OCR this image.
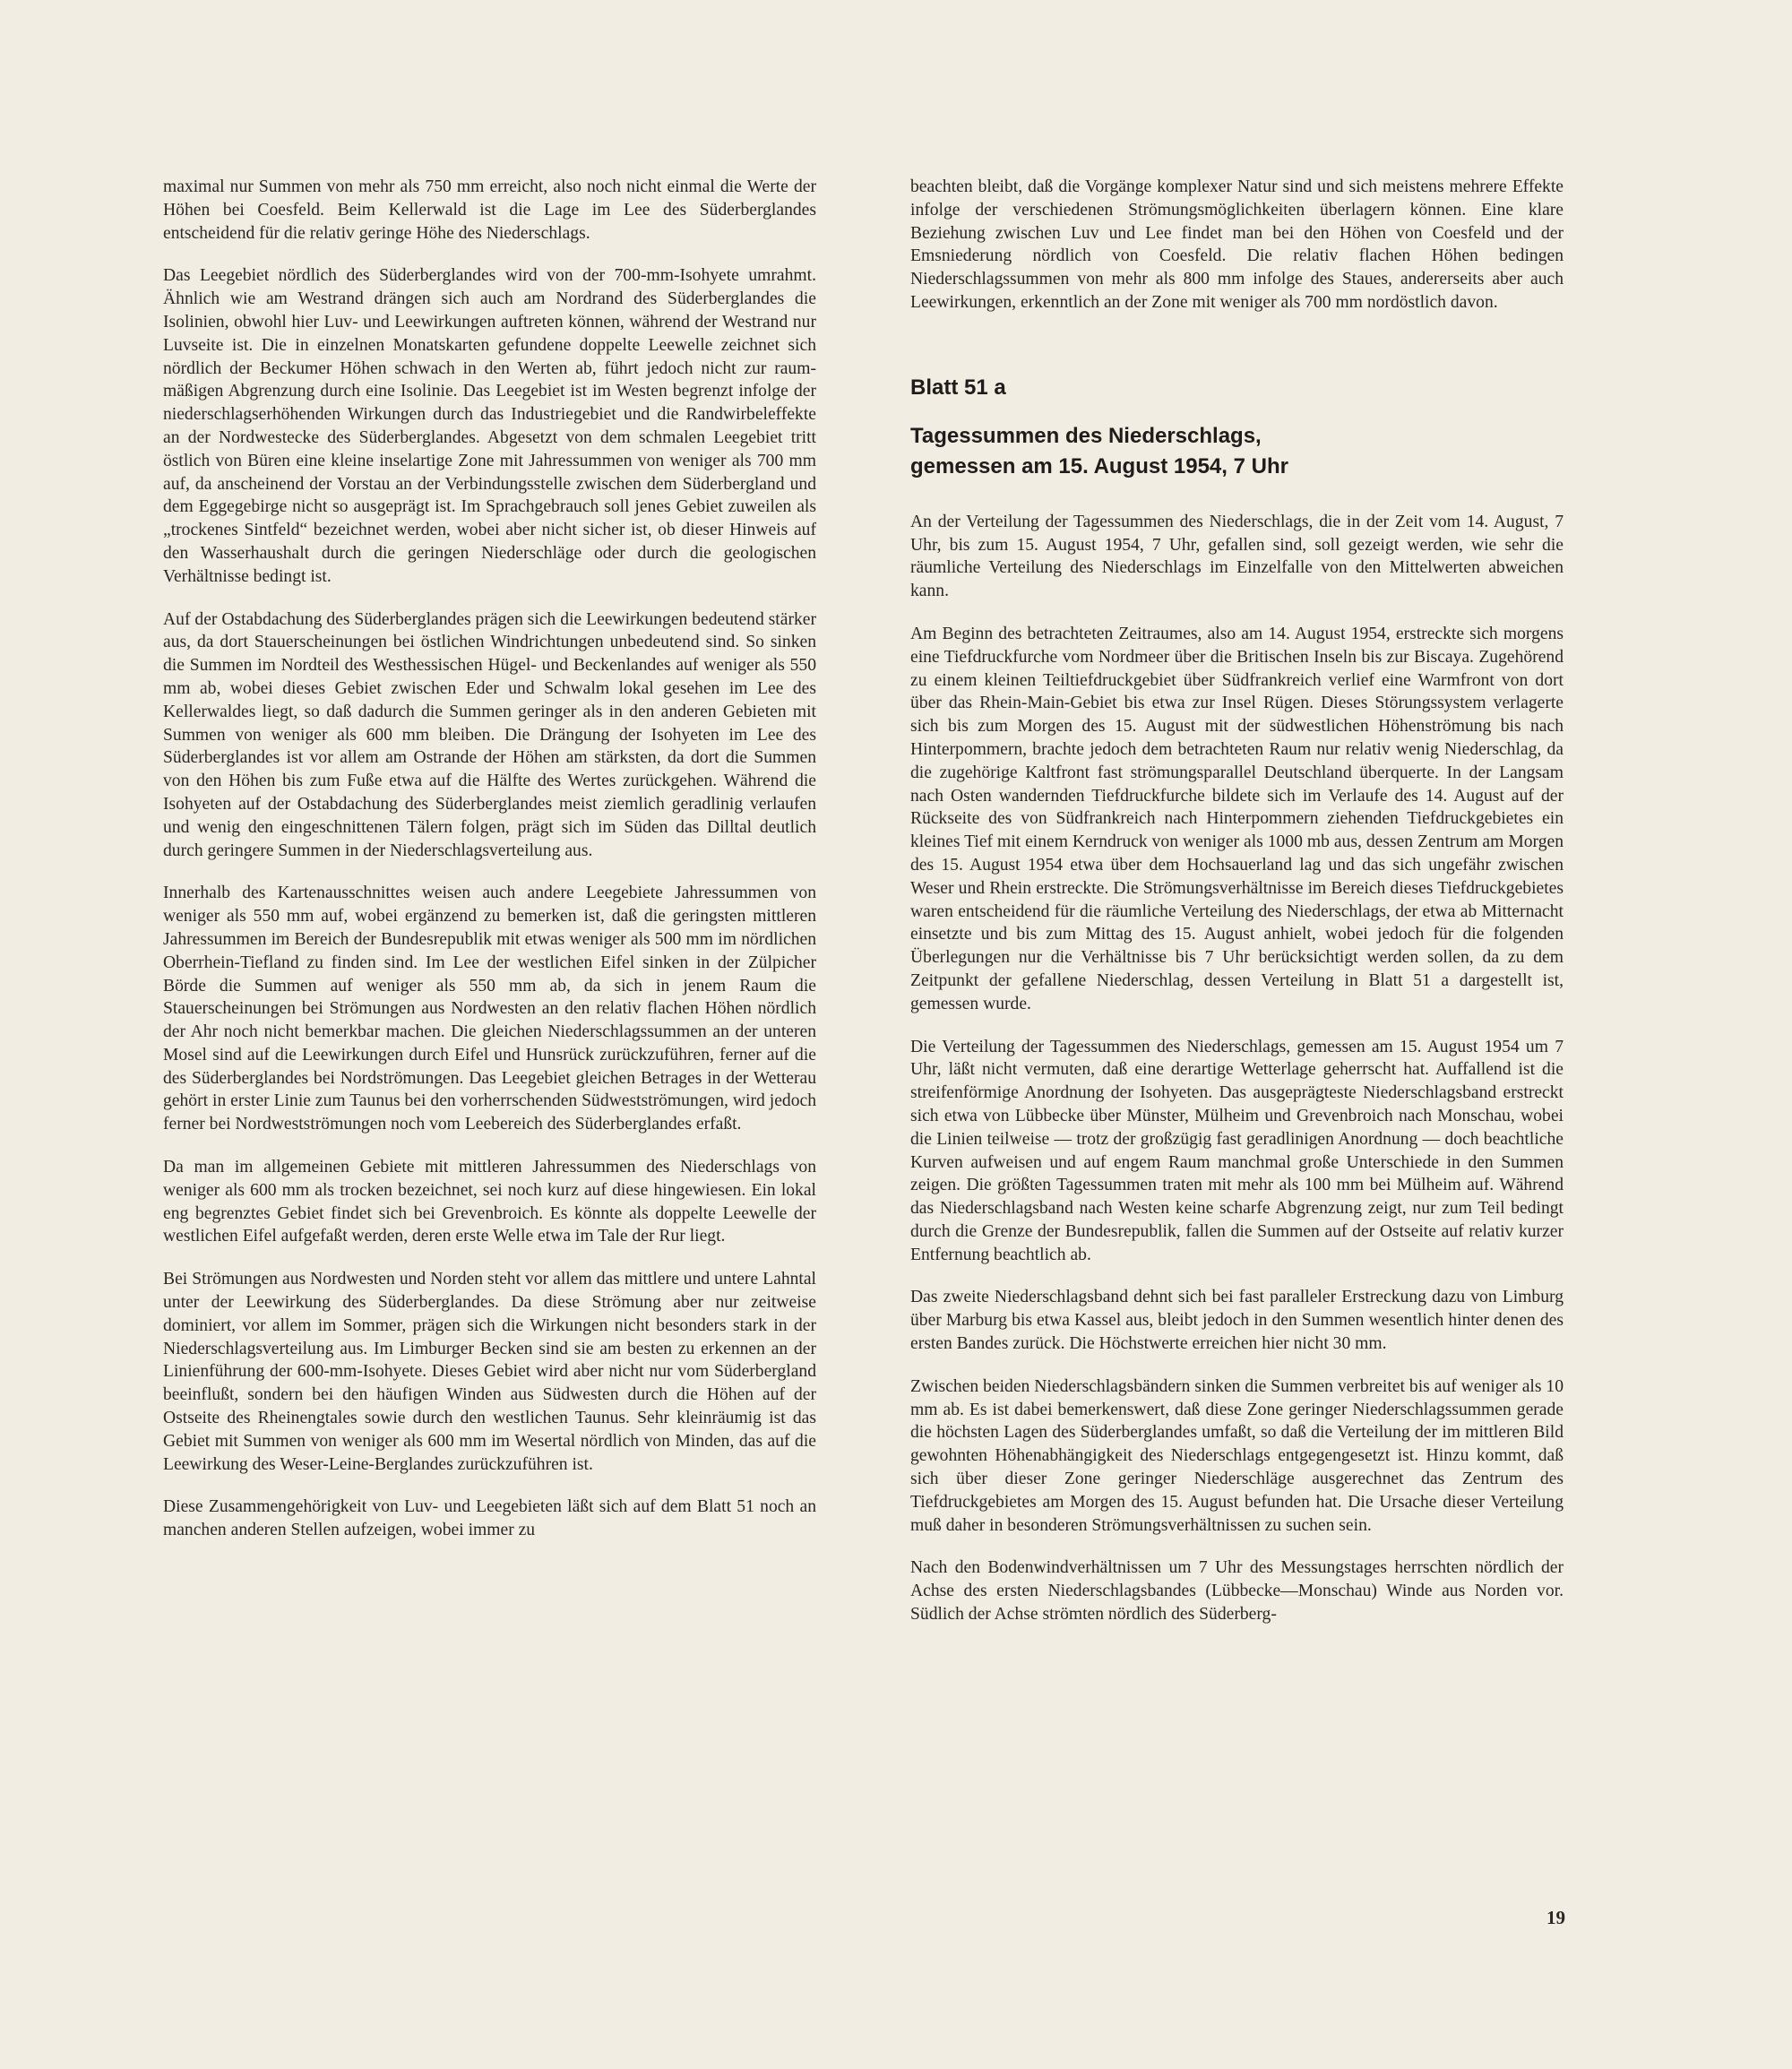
maximal nur Summen von mehr als 750 mm erreicht, also noch nicht einmal die Werte der Höhen bei Coesfeld. Beim Kellerwald ist die Lage im Lee des Süderberglandes entscheidend für die relativ geringe Höhe des Niederschlags.

Das Leegebiet nördlich des Süderberglandes wird von der 700-mm-Isohyete umrahmt. Ähnlich wie am Westrand drängen sich auch am Nordrand des Süderberglandes die Isolinien, obwohl hier Luv- und Leewirkungen auftreten können, während der Westrand nur Luvseite ist. Die in einzelnen Monatskarten gefundene doppelte Leewelle zeichnet sich nördlich der Beckumer Höhen schwach in den Werten ab, führt jedoch nicht zur raummäßigen Abgrenzung durch eine Isolinie. Das Leegebiet ist im Westen begrenzt infolge der niederschlagserhöhenden Wirkungen durch das Industriegebiet und die Randwirbeleffekte an der Nordwestecke des Süderberglandes. Abgesetzt von dem schmalen Leegebiet tritt östlich von Büren eine kleine inselartige Zone mit Jahressummen von weniger als 700 mm auf, da anscheinend der Vorstau an der Verbindungsstelle zwischen dem Süderbergland und dem Eggegebirge nicht so ausgeprägt ist. Im Sprachgebrauch soll jenes Gebiet zuweilen als „trockenes Sintfeld“ bezeichnet werden, wobei aber nicht sicher ist, ob dieser Hinweis auf den Wasserhaushalt durch die geringen Niederschläge oder durch die geologischen Verhältnisse bedingt ist.

Auf der Ostabdachung des Süderberglandes prägen sich die Leewirkungen bedeutend stärker aus, da dort Stauerscheinungen bei östlichen Windrichtungen unbedeutend sind. So sinken die Summen im Nordteil des Westhessischen Hügel- und Beckenlandes auf weniger als 550 mm ab, wobei dieses Gebiet zwischen Eder und Schwalm lokal gesehen im Lee des Kellerwaldes liegt, so daß dadurch die Summen geringer als in den anderen Gebieten mit Summen von weniger als 600 mm bleiben. Die Drängung der Isohyeten im Lee des Süderberglandes ist vor allem am Ostrande der Höhen am stärksten, da dort die Summen von den Höhen bis zum Fuße etwa auf die Hälfte des Wertes zurückgehen. Während die Isohyeten auf der Ostabdachung des Süderberglandes meist ziemlich geradlinig verlaufen und wenig den eingeschnittenen Tälern folgen, prägt sich im Süden das Dilltal deutlich durch geringere Summen in der Niederschlagsverteilung aus.

Innerhalb des Kartenausschnittes weisen auch andere Leegebiete Jahressummen von weniger als 550 mm auf, wobei ergänzend zu bemerken ist, daß die geringsten mittleren Jahressummen im Bereich der Bundesrepublik mit etwas weniger als 500 mm im nördlichen Oberrhein-Tiefland zu finden sind. Im Lee der westlichen Eifel sinken in der Zülpicher Börde die Summen auf weniger als 550 mm ab, da sich in jenem Raum die Stauerscheinungen bei Strömungen aus Nordwesten an den relativ flachen Höhen nördlich der Ahr noch nicht bemerkbar machen. Die gleichen Niederschlagssummen an der unteren Mosel sind auf die Leewirkungen durch Eifel und Hunsrück zurückzuführen, ferner auf die des Süderberglandes bei Nordströmungen. Das Leegebiet gleichen Betrages in der Wetterau gehört in erster Linie zum Taunus bei den vorherrschenden Südwestströmungen, wird jedoch ferner bei Nordwestströmungen noch vom Leebereich des Süderberglandes erfaßt.

Da man im allgemeinen Gebiete mit mittleren Jahressummen des Niederschlags von weniger als 600 mm als trocken bezeichnet, sei noch kurz auf diese hingewiesen. Ein lokal eng begrenztes Gebiet findet sich bei Grevenbroich. Es könnte als doppelte Leewelle der westlichen Eifel aufgefaßt werden, deren erste Welle etwa im Tale der Rur liegt.

Bei Strömungen aus Nordwesten und Norden steht vor allem das mittlere und untere Lahntal unter der Leewirkung des Süderberglandes. Da diese Strömung aber nur zeitweise dominiert, vor allem im Sommer, prägen sich die Wirkungen nicht besonders stark in der Niederschlagsverteilung aus. Im Limburger Becken sind sie am besten zu erkennen an der Linienführung der 600-mm-Isohyete. Dieses Gebiet wird aber nicht nur vom Süderbergland beeinflußt, sondern bei den häufigen Winden aus Südwesten durch die Höhen auf der Ostseite des Rheinengtales sowie durch den westlichen Taunus. Sehr kleinräumig ist das Gebiet mit Summen von weniger als 600 mm im Wesertal nördlich von Minden, das auf die Leewirkung des Weser-Leine-Berglandes zurückzuführen ist.

Diese Zusammengehörigkeit von Luv- und Leegebieten läßt sich auf dem Blatt 51 noch an manchen anderen Stellen aufzeigen, wobei immer zu

beachten bleibt, daß die Vorgänge komplexer Natur sind und sich meistens mehrere Effekte infolge der verschiedenen Strömungsmöglichkeiten überlagern können. Eine klare Beziehung zwischen Luv und Lee findet man bei den Höhen von Coesfeld und der Emsniederung nördlich von Coesfeld. Die relativ flachen Höhen bedingen Niederschlagssummen von mehr als 800 mm infolge des Staues, andererseits aber auch Leewirkungen, erkenntlich an der Zone mit weniger als 700 mm nordöstlich davon.

Blatt 51 a
Tagessummen des Niederschlags,
gemessen am 15. August 1954, 7 Uhr

An der Verteilung der Tagessummen des Niederschlags, die in der Zeit vom 14. August, 7 Uhr, bis zum 15. August 1954, 7 Uhr, gefallen sind, soll gezeigt werden, wie sehr die räumliche Verteilung des Niederschlags im Einzelfalle von den Mittelwerten abweichen kann.

Am Beginn des betrachteten Zeitraumes, also am 14. August 1954, erstreckte sich morgens eine Tiefdruckfurche vom Nordmeer über die Britischen Inseln bis zur Biscaya. Zugehörend zu einem kleinen Teiltiefdruckgebiet über Südfrankreich verlief eine Warmfront von dort über das Rhein-Main-Gebiet bis etwa zur Insel Rügen. Dieses Störungssystem verlagerte sich bis zum Morgen des 15. August mit der südwestlichen Höhenströmung bis nach Hinterpommern, brachte jedoch dem betrachteten Raum nur relativ wenig Niederschlag, da die zugehörige Kaltfront fast strömungsparallel Deutschland überquerte. In der Langsam nach Osten wandernden Tiefdruckfurche bildete sich im Verlaufe des 14. August auf der Rückseite des von Südfrankreich nach Hinterpommern ziehenden Tiefdruckgebietes ein kleines Tief mit einem Kerndruck von weniger als 1000 mb aus, dessen Zentrum am Morgen des 15. August 1954 etwa über dem Hochsauerland lag und das sich ungefähr zwischen Weser und Rhein erstreckte. Die Strömungsverhältnisse im Bereich dieses Tiefdruckgebietes waren entscheidend für die räumliche Verteilung des Niederschlags, der etwa ab Mitternacht einsetzte und bis zum Mittag des 15. August anhielt, wobei jedoch für die folgenden Überlegungen nur die Verhältnisse bis 7 Uhr berücksichtigt werden sollen, da zu dem Zeitpunkt der gefallene Niederschlag, dessen Verteilung in Blatt 51 a dargestellt ist, gemessen wurde.

Die Verteilung der Tagessummen des Niederschlags, gemessen am 15. August 1954 um 7 Uhr, läßt nicht vermuten, daß eine derartige Wetterlage geherrscht hat. Auffallend ist die streifenförmige Anordnung der Isohyeten. Das ausgeprägteste Niederschlagsband erstreckt sich etwa von Lübbecke über Münster, Mülheim und Grevenbroich nach Monschau, wobei die Linien teilweise — trotz der großzügig fast geradlinigen Anordnung — doch beachtliche Kurven aufweisen und auf engem Raum manchmal große Unterschiede in den Summen zeigen. Die größten Tagessummen traten mit mehr als 100 mm bei Mülheim auf. Während das Niederschlagsband nach Westen keine scharfe Abgrenzung zeigt, nur zum Teil bedingt durch die Grenze der Bundesrepublik, fallen die Summen auf der Ostseite auf relativ kurzer Entfernung beachtlich ab.

Das zweite Niederschlagsband dehnt sich bei fast paralleler Erstreckung dazu von Limburg über Marburg bis etwa Kassel aus, bleibt jedoch in den Summen wesentlich hinter denen des ersten Bandes zurück. Die Höchstwerte erreichen hier nicht 30 mm.

Zwischen beiden Niederschlagsbändern sinken die Summen verbreitet bis auf weniger als 10 mm ab. Es ist dabei bemerkenswert, daß diese Zone geringer Niederschlagssummen gerade die höchsten Lagen des Süderberglandes umfaßt, so daß die Verteilung der im mittleren Bild gewohnten Höhenabhängigkeit des Niederschlags entgegengesetzt ist. Hinzu kommt, daß sich über dieser Zone geringer Niederschläge ausgerechnet das Zentrum des Tiefdruckgebietes am Morgen des 15. August befunden hat. Die Ursache dieser Verteilung muß daher in besonderen Strömungsverhältnissen zu suchen sein.

Nach den Bodenwindverhältnissen um 7 Uhr des Messungstages herrschten nördlich der Achse des ersten Niederschlagsbandes (Lübbecke—Monschau) Winde aus Norden vor. Südlich der Achse strömten nördlich des Süderberg-

19
